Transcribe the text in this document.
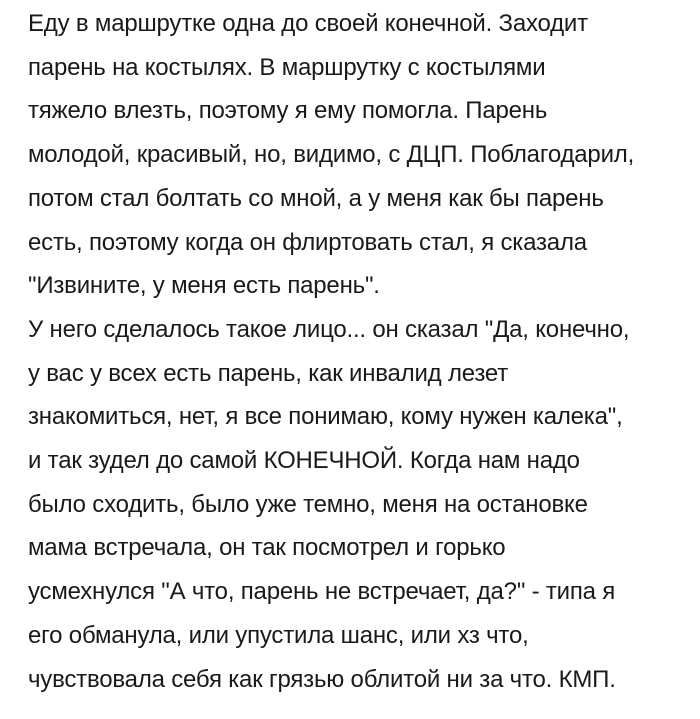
Еду в маршрутке одна до своей конечной. Заходит
парень на костылях. В маршрутку с костылями
тяжело влезть, поэтому я ему помогла. Парень
молодой, красивый, но, видимо, с ДЦП. Поблагодарил,
потом стал болтать со мной, а у меня как бы парень
есть, поэтому когда он флиртовать стал, я сказала
"Извините, у меня есть парень".

У него сделалось такое лицо... он сказал "Да, конечно,
у вас у всех есть парень, как инвалид лезет
знакомиться, нет, я все понимаю, кому нужен калека",
и так зудел до самой КОНЕЧНОЙ. Когда нам надо
было сходить, было уже темно, меня на остановке
мама встречала, он так посмотрел и горько
усмехнулся "А что, парень не встречает, да?" - типа я
его обманула, или упустила шанс, или хз что,
чувствовала себя как грязью облитой ни за что. КМП.
